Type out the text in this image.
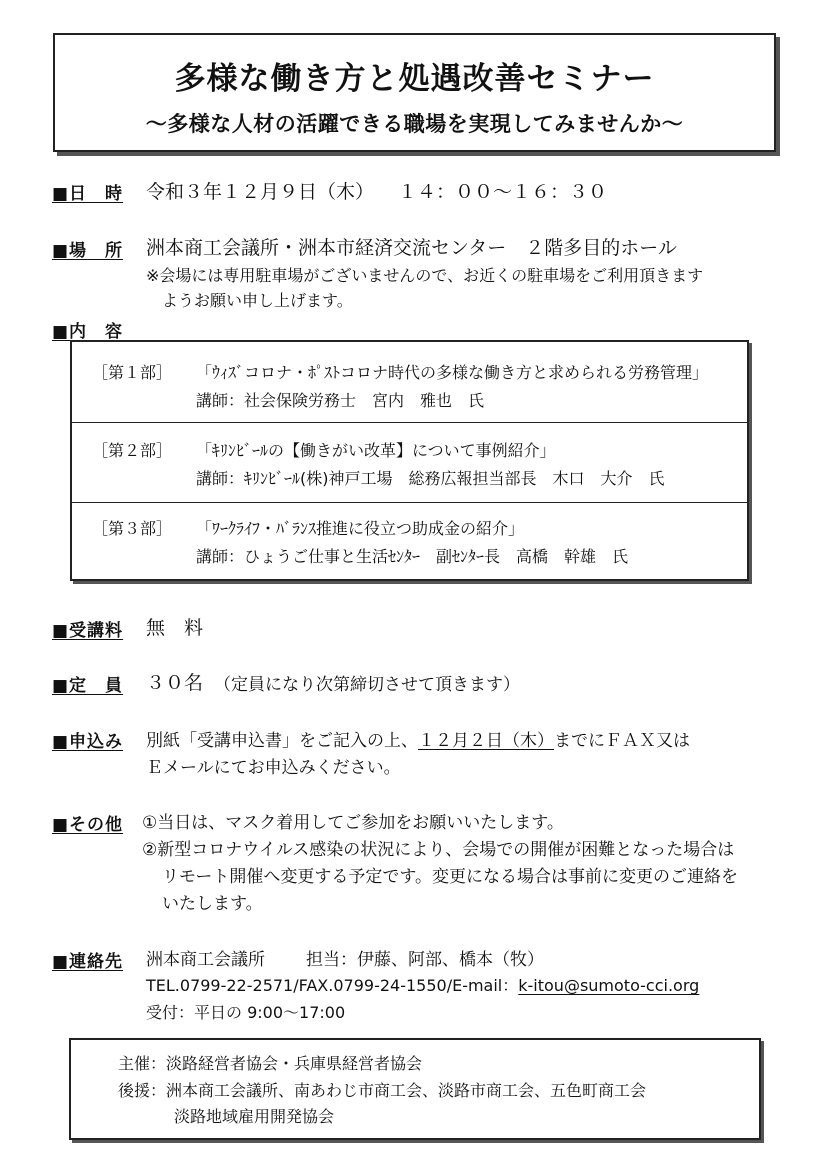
多様な働き方と処遇改善セミナー
～多様な人材の活躍できる職場を実現してみませんか～
■日　時 令和３年１２月９日（木） １４：００～１６：３０
■場　所 洲本商工会議所・洲本市経済交流センター　２階多目的ホール
※会場には専用駐車場がございませんので、お近くの駐車場をご利用頂きます
ようお願い申し上げます。
■内　容
［第１部］ 「ｳｨｽﾞコロナ・ﾎﾟｽﾄコロナ時代の多様な働き方と求められる労務管理」
講師：社会保険労務士　宮内　雅也　氏
［第２部］ 「ｷﾘﾝﾋﾞｰﾙの【働きがい改革】について事例紹介」
講師：ｷﾘﾝﾋﾞｰﾙ(株)神戸工場　総務広報担当部長　木口　大介　氏
［第３部］ 「ﾜｰｸﾗｲﾌ・ﾊﾞﾗﾝｽ推進に役立つ助成金の紹介」
講師：ひょうご仕事と生活ｾﾝﾀｰ　副ｾﾝﾀｰ長　高橋　幹雄　氏
■受講料 無　料
■定　員 ３０名 （定員になり次第締切させて頂きます）
■申込み 別紙「受講申込書」をご記入の上、１２月２日（木）までにＦＡＸ又は
Ｅメールにてお申込みください。
■その他 ①当日は、マスク着用してご参加をお願いいたします。
②新型コロナウイルス感染の状況により、会場での開催が困難となった場合は
リモート開催へ変更する予定です。変更になる場合は事前に変更のご連絡を
いたします。
■連絡先 洲本商工会議所 担当：伊藤、阿部、橋本（牧）
TEL.0799-22-2571/FAX.0799-24-1550/E-mail：k-itou@sumoto-cci.org
受付：平日の 9:00～17:00
主催：淡路経営者協会・兵庫県経営者協会
後援：洲本商工会議所、南あわじ市商工会、淡路市商工会、五色町商工会
淡路地域雇用開発協会
